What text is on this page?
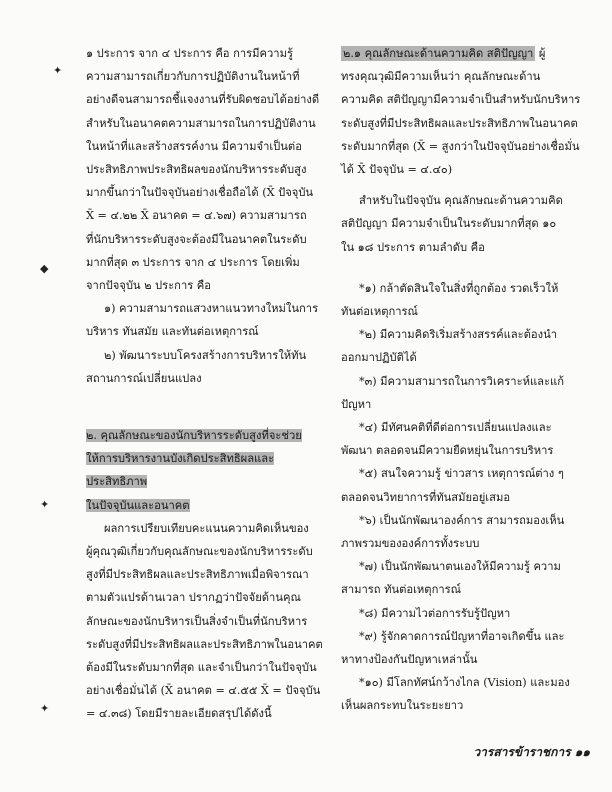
๑ ประการ จาก ๔ ประการ คือ การมีความรู้

ความสามารถเกี่ยวกับการปฏิบัติงานในหน้าที่

อย่างดีจนสามารถชี้แจงงานที่รับผิดชอบได้อย่างดี

สำหรับในอนาคตความสามารถในการปฏิบัติงาน

ในหน้าที่และสร้างสรรค์งาน มีความจำเป็นต่อ

ประสิทธิภาพประสิทธิผลของนักบริหารระดับสูง

มากขึ้นกว่าในปัจจุบันอย่างเชื่อถือได้ (X̄ ปัจจุบัน

X̄ = ๔.๒๒ X̄ อนาคต = ๔.๖๗) ความสามารถ

ที่นักบริหารระดับสูงจะต้องมีในอนาคตในระดับ

มากที่สุด ๓ ประการ จาก ๔ ประการ โดยเพิ่ม

จากปัจจุบัน ๒ ประการ คือ

๑) ความสามารถแสวงหาแนวทางใหม่ในการ

บริหาร ทันสมัย และทันต่อเหตุการณ์

๒) พัฒนาระบบโครงสร้างการบริหารให้ทัน

สถานการณ์เปลี่ยนแปลง

๒. คุณลักษณะของนักบริหารระดับสูงที่จะช่วย

ให้การบริหารงานบังเกิดประสิทธิผลและประสิทธิภาพ

ในปัจจุบันและอนาคต

ผลการเปรียบเทียบคะแนนความคิดเห็นของ

ผู้คุณวุฒิเกี่ยวกับคุณลักษณะของนักบริหารระดับ

สูงที่มีประสิทธิผลและประสิทธิภาพเมื่อพิจารณา

ตามตัวแปรด้านเวลา ปรากฏว่าปัจจัยด้านคุณ

ลักษณะของนักบริหารเป็นสิ่งจำเป็นที่นักบริหาร

ระดับสูงที่มีประสิทธิผลและประสิทธิภาพในอนาคต

ต้องมีในระดับมากที่สุด และจำเป็นกว่าในปัจจุบัน

อย่างเชื่อมั่นได้ (X̄ อนาคต = ๔.๕๕ X̄ = ปัจจุบัน

= ๔.๓๘) โดยมีรายละเอียดสรุปได้ดังนี้

๒.๑ คุณลักษณะด้านความคิด สติปัญญา ผู้

ทรงคุณวุฒิมีความเห็นว่า คุณลักษณะด้าน

ความคิด สติปัญญามีความจำเป็นสำหรับนักบริหาร

ระดับสูงที่มีประสิทธิผลและประสิทธิภาพในอนาคต

ระดับมากที่สุด (X̄ = สูงกว่าในปัจจุบันอย่างเชื่อมั่น

ได้ X̄ ปัจจุบัน = ๔.๔๐)

สำหรับในปัจจุบัน คุณลักษณะด้านความคิด

สติปัญญา มีความจำเป็นในระดับมากที่สุด ๑๐

ใน ๑๘ ประการ ตามลำดับ คือ

*๑) กล้าตัดสินใจในสิ่งที่ถูกต้อง รวดเร็วให้

ทันต่อเหตุการณ์

*๒) มีความคิดริเริ่มสร้างสรรค์และต้องนำ

ออกมาปฏิบัติได้

*๓) มีความสามารถในการวิเคราะห์และแก้

ปัญหา

*๔) มีทัศนคติที่ดีต่อการเปลี่ยนแปลงและ

พัฒนา ตลอดจนมีความยืดหยุ่นในการบริหาร

*๕) สนใจความรู้ ข่าวสาร เหตุการณ์ต่าง ๆ

ตลอดจนวิทยาการที่ทันสมัยอยู่เสมอ

*๖) เป็นนักพัฒนาองค์การ สามารถมองเห็น

ภาพรวมขององค์การทั้งระบบ

*๗) เป็นนักพัฒนาตนเองให้มีความรู้ ความ

สามารถ ทันต่อเหตุการณ์

*๘) มีความไวต่อการรับรู้ปัญหา

*๙) รู้จักคาดการณ์ปัญหาที่อาจเกิดขึ้น และ

หาทางป้องกันปัญหาเหล่านั้น

*๑๐) มีโลกทัศน์กว้างไกล (Vision) และมอง

เห็นผลกระทบในระยะยาว

วารสารข้าราชการ ๑๑
✦
◆
✦
✦
